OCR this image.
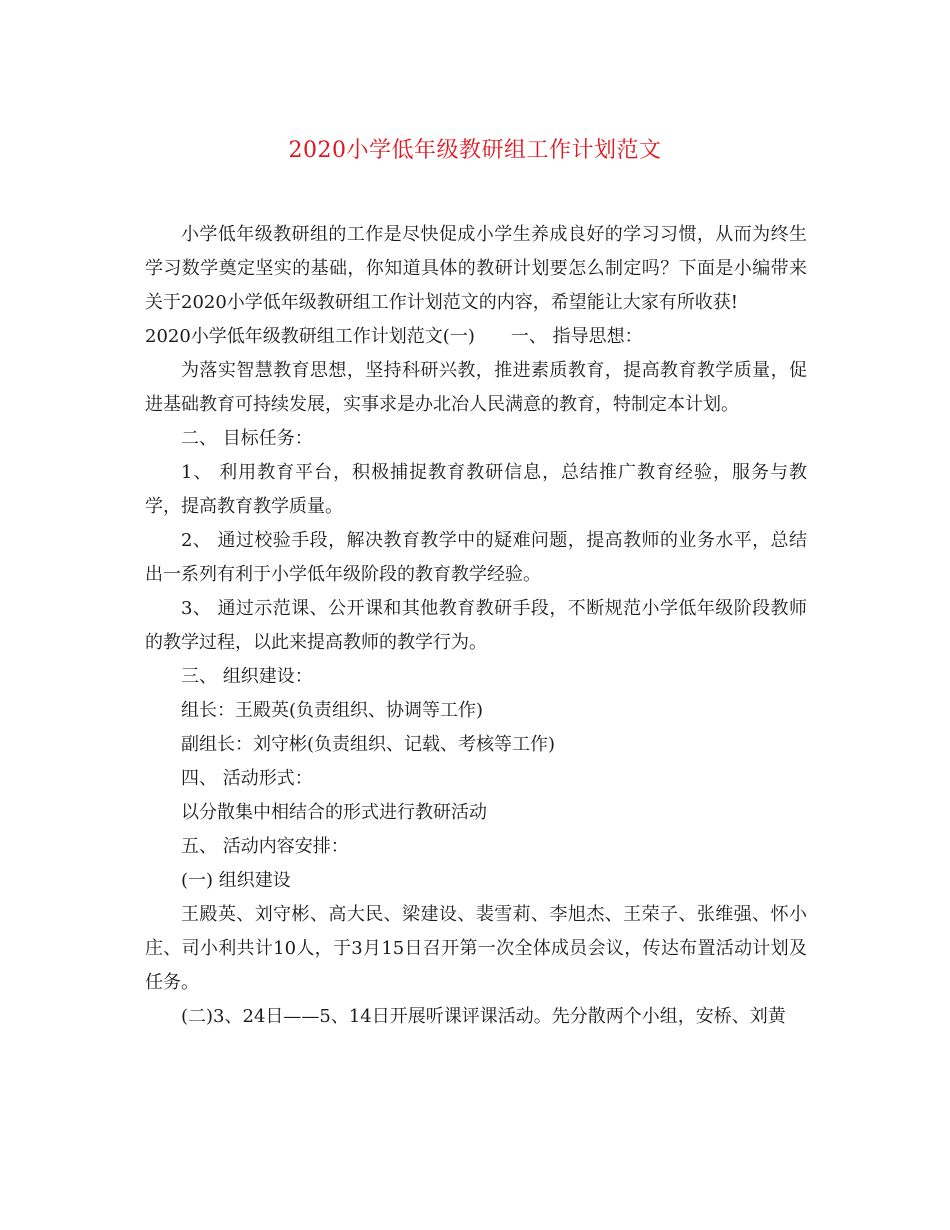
2020小学低年级教研组工作计划范文

小学低年级教研组的工作是尽快促成小学生养成良好的学习习惯，从而为终生学习数学奠定坚实的基础，你知道具体的教研计划要怎么制定吗？下面是小编带来关于2020小学低年级教研组工作计划范文的内容，希望能让大家有所收获!

2020小学低年级教研组工作计划范文(一)　　一、 指导思想：

为落实智慧教育思想，坚持科研兴教，推进素质教育，提高教育教学质量，促进基础教育可持续发展，实事求是办北冶人民满意的教育，特制定本计划。

二、 目标任务：

1、 利用教育平台，积极捕捉教育教研信息，总结推广教育经验，服务与教学，提高教育教学质量。

2、 通过校验手段，解决教育教学中的疑难问题，提高教师的业务水平，总结出一系列有利于小学低年级阶段的教育教学经验。

3、 通过示范课、公开课和其他教育教研手段，不断规范小学低年级阶段教师的教学过程，以此来提高教师的教学行为。

三、 组织建设：

组长：王殿英(负责组织、协调等工作)

副组长：刘守彬(负责组织、记载、考核等工作)

四、 活动形式：

以分散集中相结合的形式进行教研活动

五、 活动内容安排：

(一) 组织建设

王殿英、刘守彬、高大民、梁建设、裴雪莉、李旭杰、王荣子、张维强、怀小庄、司小利共计10人，于3月15日召开第一次全体成员会议，传达布置活动计划及任务。

(二)3、24日——5、14日开展听课评课活动。先分散两个小组，安桥、刘黄
